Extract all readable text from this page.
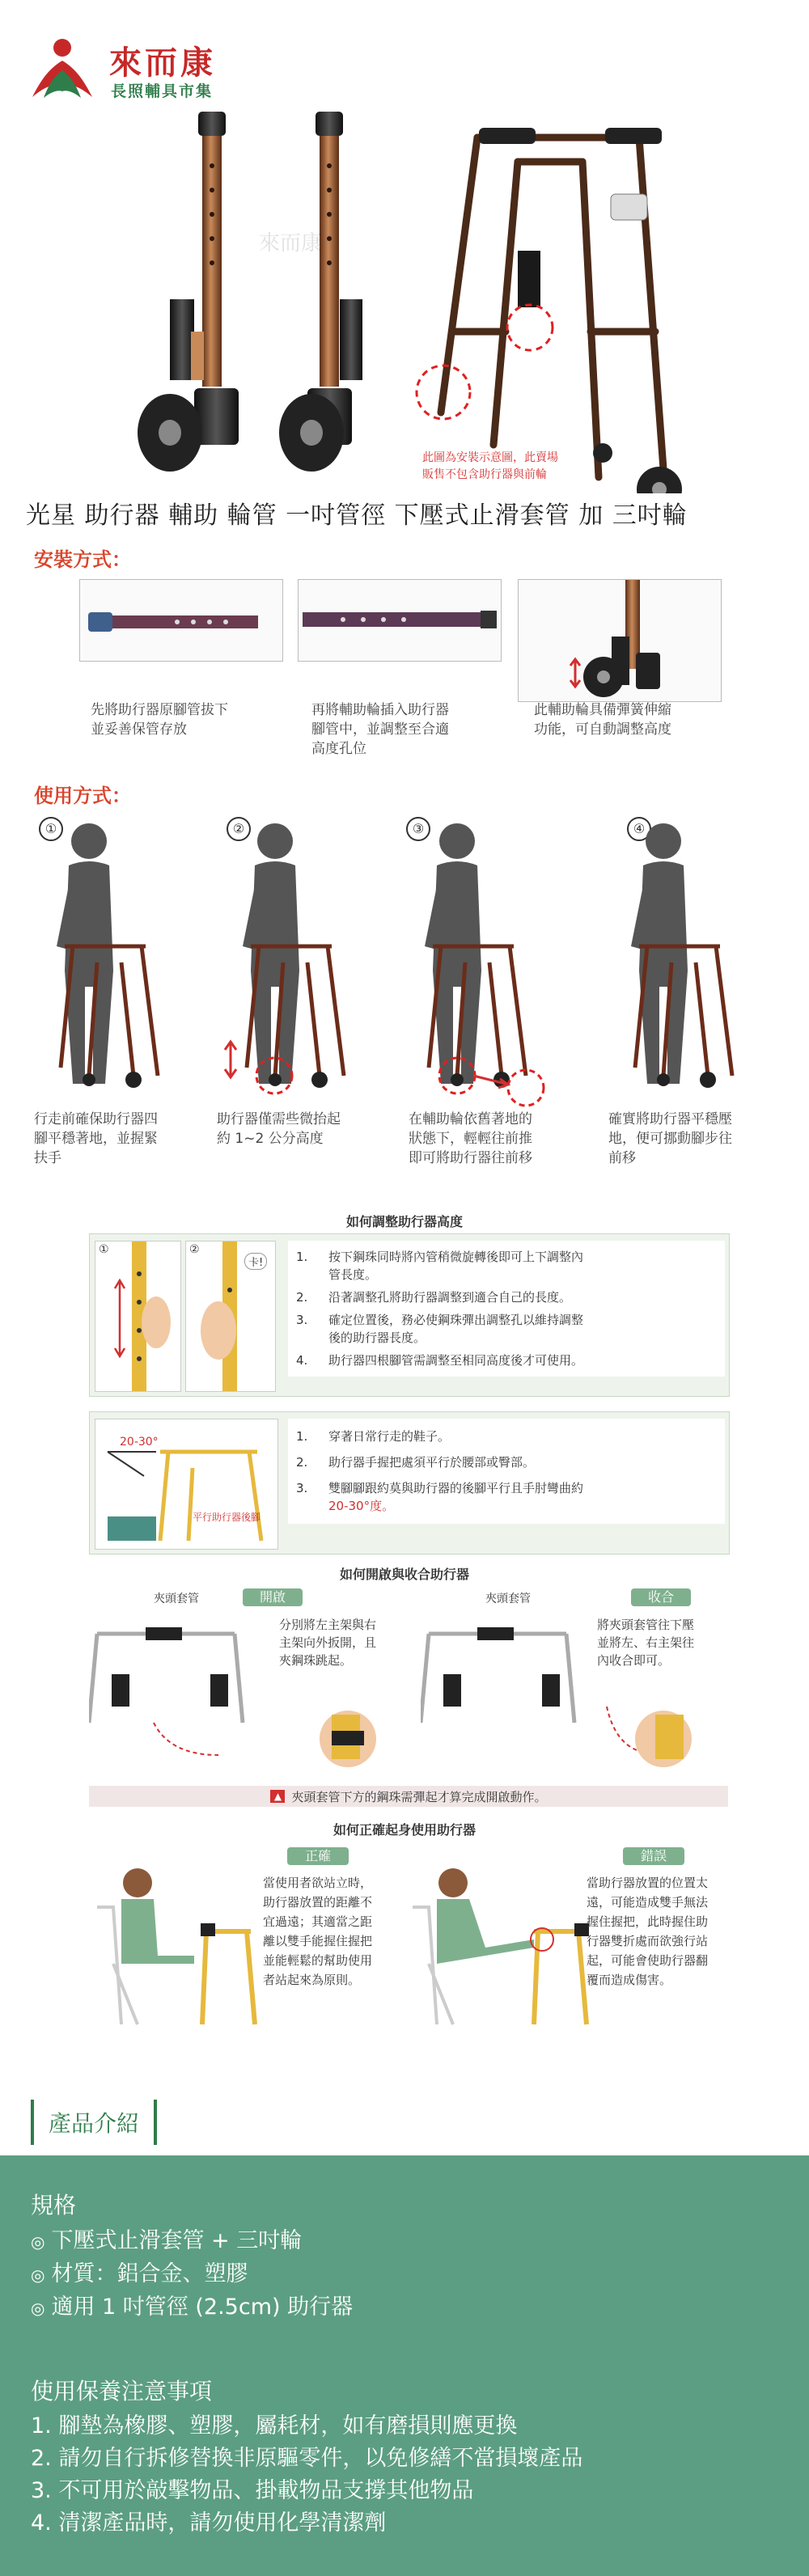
來而康
長照輔具市集
來而康
此圖為安裝示意圖，此賣場
販售不包含助行器與前輪
光星 助行器 輔助 輪管 一吋管徑 下壓式止滑套管 加 三吋輪
安裝方式：
先將助行器原腳管拔下
並妥善保管存放
再將輔助輪插入助行器
腳管中，並調整至合適
高度孔位
此輔助輪具備彈簧伸縮
功能，可自動調整高度
使用方式：
①	②	③	④
行走前確保助行器四
腳平穩著地，並握緊
扶手
助行器僅需些微抬起
約 1~2 公分高度
在輔助輪依舊著地的
狀態下，輕輕往前推
即可將助行器往前移
確實將助行器平穩壓
地，便可挪動腳步往
前移
如何調整助行器高度
①	②
卡!	1.	按下鋼珠同時將內管稍微旋轉後即可上下調整內
管長度。
2.	沿著調整孔將助行器調整到適合自己的長度。
3.	確定位置後，務必使鋼珠彈出調整孔以維持調整
後的助行器長度。
4.	助行器四根腳管需調整至相同高度後才可使用。
20-30°
平行助行器後腳
1.	穿著日常行走的鞋子。
2.	助行器手握把處須平行於腰部或臀部。
3.	雙腳腳跟約莫與助行器的後腳平行且手肘彎曲約
20-30°度。
如何開啟與收合助行器
開啟
夾頭套管
分別將左主架與右
主架向外扳開，且
夾鋼珠跳起。
收合
夾頭套管
將夾頭套管往下壓
並將左、右主架往
內收合即可。
▲ 夾頭套管下方的鋼珠需彈起才算完成開啟動作。
如何正確起身使用助行器
正確
當使用者欲站立時，
助行器放置的距離不
宜過遠；其適當之距
離以雙手能握住握把
並能輕鬆的幫助使用
者站起來為原則。
錯誤
當助行器放置的位置太
遠，可能造成雙手無法
握住握把，此時握住助
行器雙折處而欲強行站
起，可能會使助行器翻
覆而造成傷害。
產品介紹
規格
◎ 下壓式止滑套管 + 三吋輪
◎ 材質：鋁合金、塑膠
◎ 適用 1 吋管徑 (2.5cm) 助行器
使用保養注意事項
1. 腳墊為橡膠、塑膠，屬耗材，如有磨損則應更換
2. 請勿自行拆修替換非原驅零件，以免修繕不當損壞產品
3. 不可用於敲擊物品、掛載物品支撐其他物品
4. 清潔產品時，請勿使用化學清潔劑
